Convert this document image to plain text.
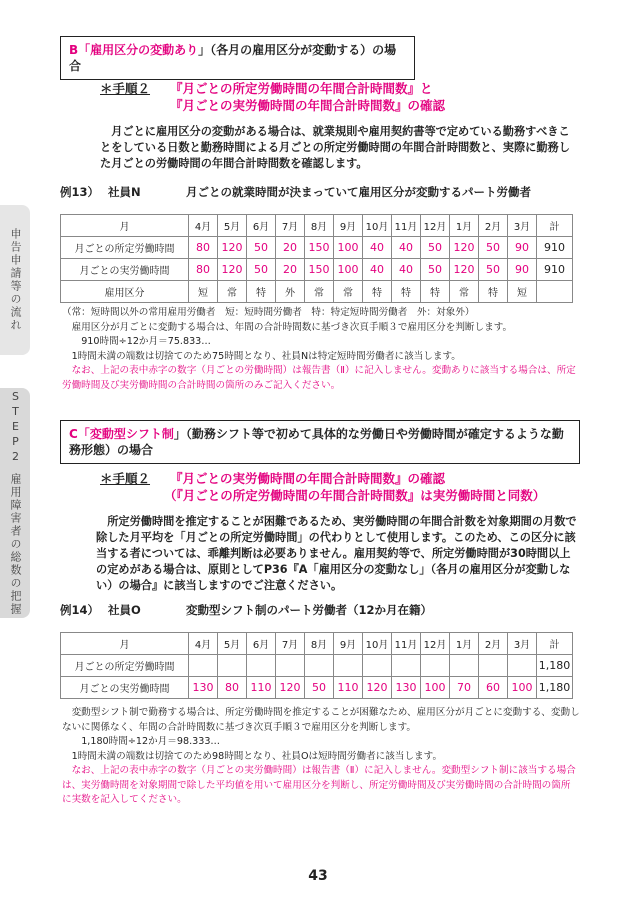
申告申請等の流れ
STEP2
雇用障害者の総数の把握
B「雇用区分の変動あり」（各月の雇用区分が変動する）の場合
＊手順２	『月ごとの所定労働時間の年間合計時間数』と
『月ごとの実労働時間の年間合計時間数』の確認
月ごとに雇用区分の変動がある場合は、就業規則や雇用契約書等で定めている勤務すべきことをしている日数と勤務時間による月ごとの所定労働時間の年間合計時間数と、実際に勤務した月ごとの労働時間の年間合計時間数を確認します。
例13） 社員N	月ごとの就業時間が決まっていて雇用区分が変動するパート労働者
月	4月	5月	6月	7月	8月	9月	10月	11月	12月	1月	2月	3月	計
月ごとの所定労働時間	80	120	50	20	150	100	40	40	50	120	50	90	910
月ごとの実労働時間	80	120	50	20	150	100	40	40	50	120	50	90	910
雇用区分	短	常	特	外	常	常	特	特	特	常	特	短	

（常：短時間以外の常用雇用労働者　短：短時間労働者　特：特定短時間労働者　外：対象外）

雇用区分が月ごとに変動する場合は、年間の合計時間数に基づき次頁手順３で雇用区分を判断します。

910時間÷12か月＝75.833…

1時間未満の端数は切捨てのため75時間となり、社員Nは特定短時間労働者に該当します。

なお、上記の表中赤字の数字（月ごとの労働時間）は報告書（Ⅱ）に記入しません。変動ありに該当する場合は、所定労働時間及び実労働時間の合計時間の箇所のみご記入ください。

C「変動型シフト制」（勤務シフト等で初めて具体的な労働日や労働時間が確定するような勤務形態）の場合
＊手順２	『月ごとの実労働時間の年間合計時間数』の確認
（『月ごとの所定労働時間の年間合計時間数』は実労働時間と同数）
所定労働時間を推定することが困難であるため、実労働時間の年間合計数を対象期間の月数で除した月平均を「月ごとの所定労働時間」の代わりとして使用します。このため、この区分に該当する者については、乖離判断は必要ありません。雇用契約等で、所定労働時間が30時間以上の定めがある場合は、原則としてP36『A「雇用区分の変動なし」（各月の雇用区分が変動しない）の場合』に該当しますのでご注意ください。
例14） 社員O	変動型シフト制のパート労働者（12か月在籍）
月	4月	5月	6月	7月	8月	9月	10月	11月	12月	1月	2月	3月	計
月ごとの所定労働時間													1,180
月ごとの実労働時間	130	80	110	120	50	110	120	130	100	70	60	100	1,180

変動型シフト制で勤務する場合は、所定労働時間を推定することが困難なため、雇用区分が月ごとに変動する、変動しないに関係なく、年間の合計時間数に基づき次頁手順３で雇用区分を判断します。

1,180時間÷12か月＝98.333…

1時間未満の端数は切捨てのため98時間となり、社員Oは短時間労働者に該当します。

なお、上記の表中赤字の数字（月ごとの実労働時間）は報告書（Ⅱ）に記入しません。変動型シフト制に該当する場合は、実労働時間を対象期間で除した平均値を用いて雇用区分を判断し、所定労働時間及び実労働時間の合計時間の箇所に実数を記入してください。

43
